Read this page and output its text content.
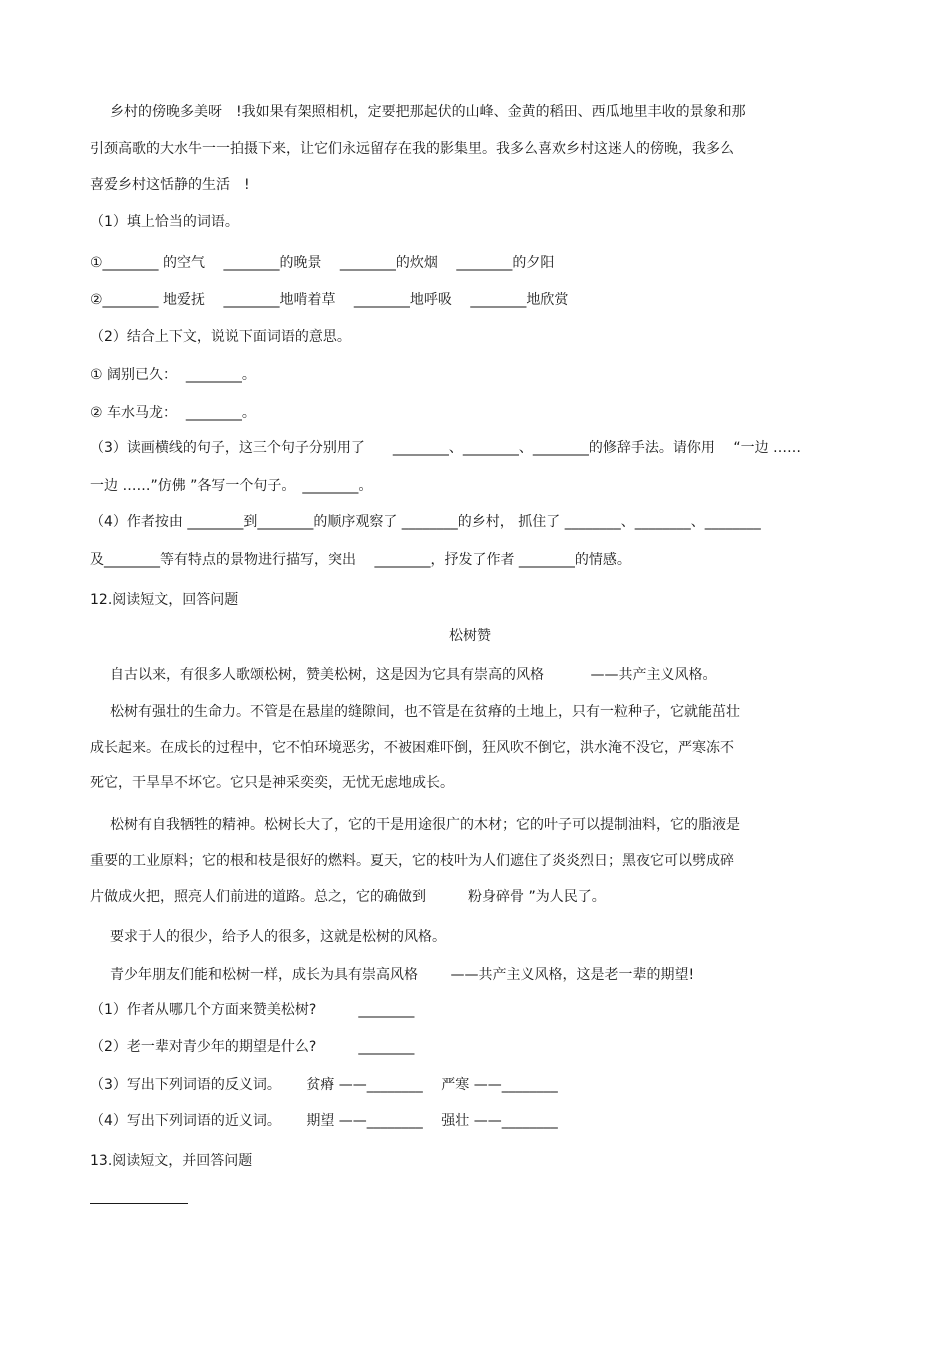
乡村的傍晚多美呀　!我如果有架照相机，定要把那起伏的山峰、金黄的稻田、西瓜地里丰收的景象和那
引颈高歌的大水牛一一拍摄下来，让它们永远留存在我的影集里。我多么喜欢乡村这迷人的傍晚，我多么
喜爱乡村这恬静的生活　!
（1）填上恰当的词语。
①________ 的空气　 ________的晚景　 ________的炊烟　 ________的夕阳
②________ 地爱抚　 ________地啃着草　 ________地呼吸　 ________地欣赏
（2）结合上下文，说说下面词语的意思。
① 阔别已久：  ________。
② 车水马龙：  ________。
（3）读画横线的句子，这三个句子分别用了　　________、________、________的修辞手法。请你用　 “一边 ……
一边 ……”仿佛 ”各写一个句子。　________。
（4）作者按由 ________到________的顺序观察了 ________的乡村， 抓住了 ________、________、________
及________等有特点的景物进行描写，突出　 ________，抒发了作者 ________的情感。
12.阅读短文，回答问题
松树赞
自古以来，有很多人歌颂松树，赞美松树，这是因为它具有崇高的风格　　　 ——共产主义风格。
松树有强壮的生命力。不管是在悬崖的缝隙间，也不管是在贫瘠的土地上，只有一粒种子，它就能茁壮
成长起来。在成长的过程中，它不怕环境恶劣，不被困难吓倒，狂风吹不倒它，洪水淹不没它，严寒冻不
死它，干旱旱不坏它。它只是神采奕奕，无忧无虑地成长。
松树有自我牺牲的精神。松树长大了，它的干是用途很广的木材；它的叶子可以提制油料，它的脂液是
重要的工业原料；它的根和枝是很好的燃料。夏天，它的枝叶为人们遮住了炎炎烈日；黑夜它可以劈成碎
片做成火把，照亮人们前进的道路。总之，它的确做到　　　粉身碎骨 ”为人民了。
要求于人的很少，给予人的很多，这就是松树的风格。
青少年朋友们能和松树一样，成长为具有崇高风格　　 ——共产主义风格，这是老一辈的期望!
（1）作者从哪几个方面来赞美松树?　　　________
（2）老一辈对青少年的期望是什么?　　　________
（3）写出下列词语的反义词。　　 贫瘠 ——________　 严寒 ——________
（4）写出下列词语的近义词。　　 期望 ——________　 强壮 ——________
13.阅读短文，并回答问题
